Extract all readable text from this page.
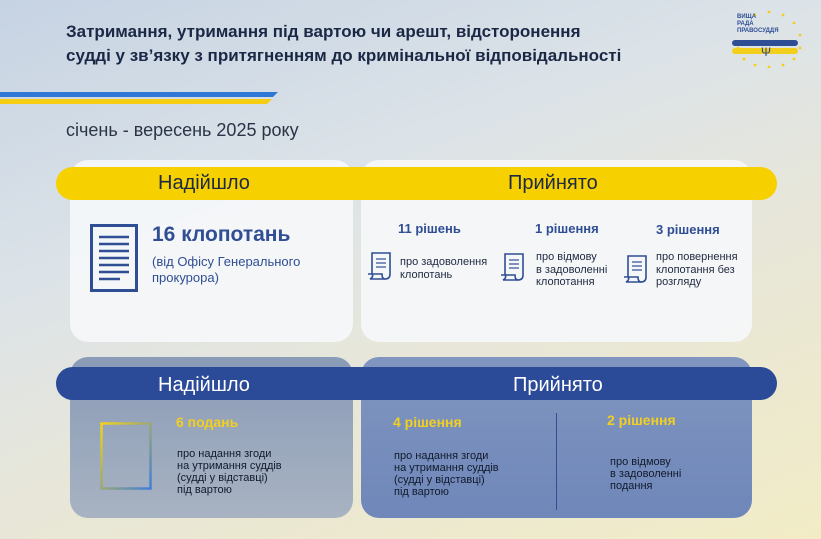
Затримання, утримання під вартою чи арешт, відсторонення
судді у зв’язку з притягненням до кримінальної відповідальності
ВИЩА
РАДА
ПРАВОСУДДЯ
Ψ
січень - вересень 2025 року
Надійшло	Прийнято
Надійшло	Прийнято
16 клопотань
(від Офісу Генерального
прокурора)
11 рішень
про задоволення
клопотань
1 рішення
про відмову
в задоволенні
клопотання
3 рішення
про повернення
клопотання без
розгляду
6 подань
про надання згоди
на утримання суддів
(судді у відставці)
під вартою
4 рішення
про надання згоди
на утримання суддів
(судді у відставці)
під вартою
2 рішення
про відмову
в задоволенні
подання
